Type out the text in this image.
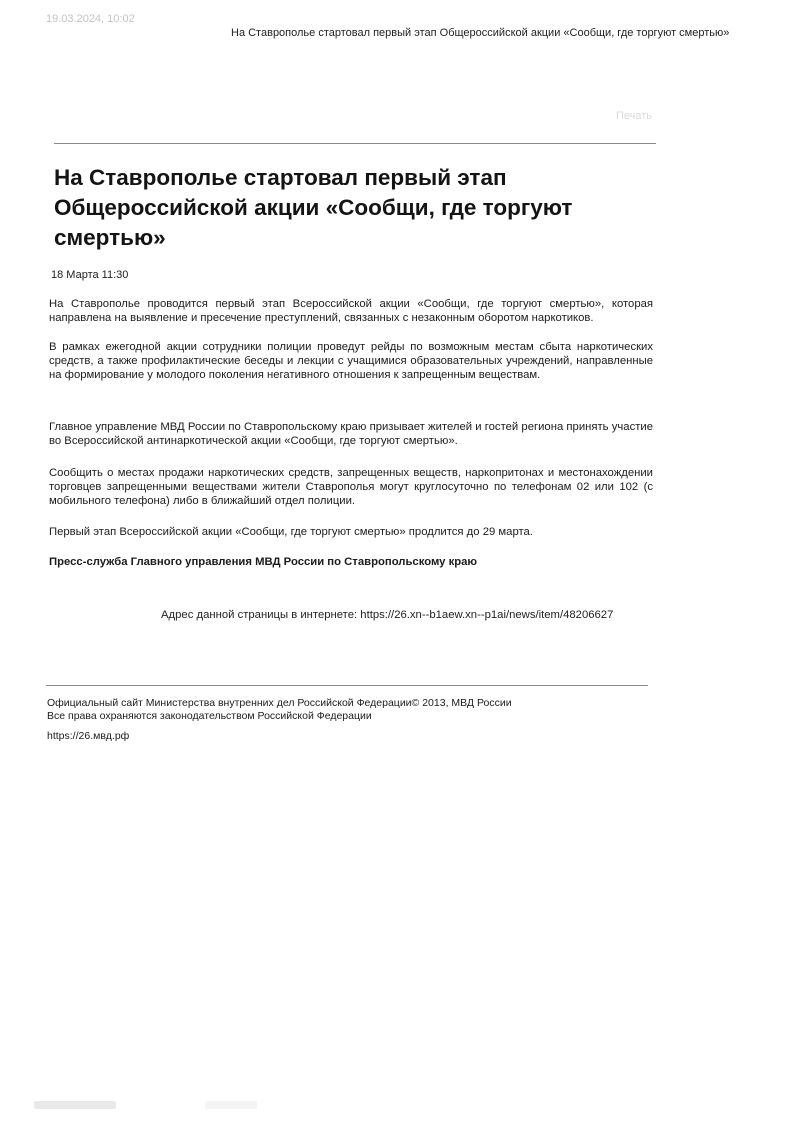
19.03.2024, 10:02
На Ставрополье стартовал первый этап Общероссийской акции «Сообщи, где торгуют смертью»
Печать
На Ставрополье стартовал первый этап Общероссийской акции «Сообщи, где торгуют смертью»
18 Марта 11:30

На Ставрополье проводится первый этап Всероссийской акции «Сообщи, где торгуют смертью», которая направлена на выявление и пресечение преступлений, связанных с незаконным оборотом наркотиков.

В рамках ежегодной акции сотрудники полиции проведут рейды по возможным местам сбыта наркотических средств, а также профилактические беседы и лекции с учащимися образовательных учреждений, направленные на формирование у молодого поколения негативного отношения к запрещенным веществам.

Главное управление МВД России по Ставропольскому краю призывает жителей и гостей региона принять участие во Всероссийской антинаркотической акции «Сообщи, где торгуют смертью».

Сообщить о местах продажи наркотических средств, запрещенных веществ, наркопритонах и местонахождении торговцев запрещенными веществами жители Ставрополья могут круглосуточно по телефонам 02 или 102 (с мобильного телефона) либо в ближайший отдел полиции.

Первый этап Всероссийской акции «Сообщи, где торгуют смертью» продлится до 29 марта.

Пресс-служба Главного управления МВД России по Ставропольскому краю
Адрес данной страницы в интернете: https://26.xn--b1aew.xn--p1ai/news/item/48206627
Официальный сайт Министерства внутренних дел Российской Федерации© 2013, МВД России
Все права охраняются законодательством Российской Федерации
https://26.мвд.рф
